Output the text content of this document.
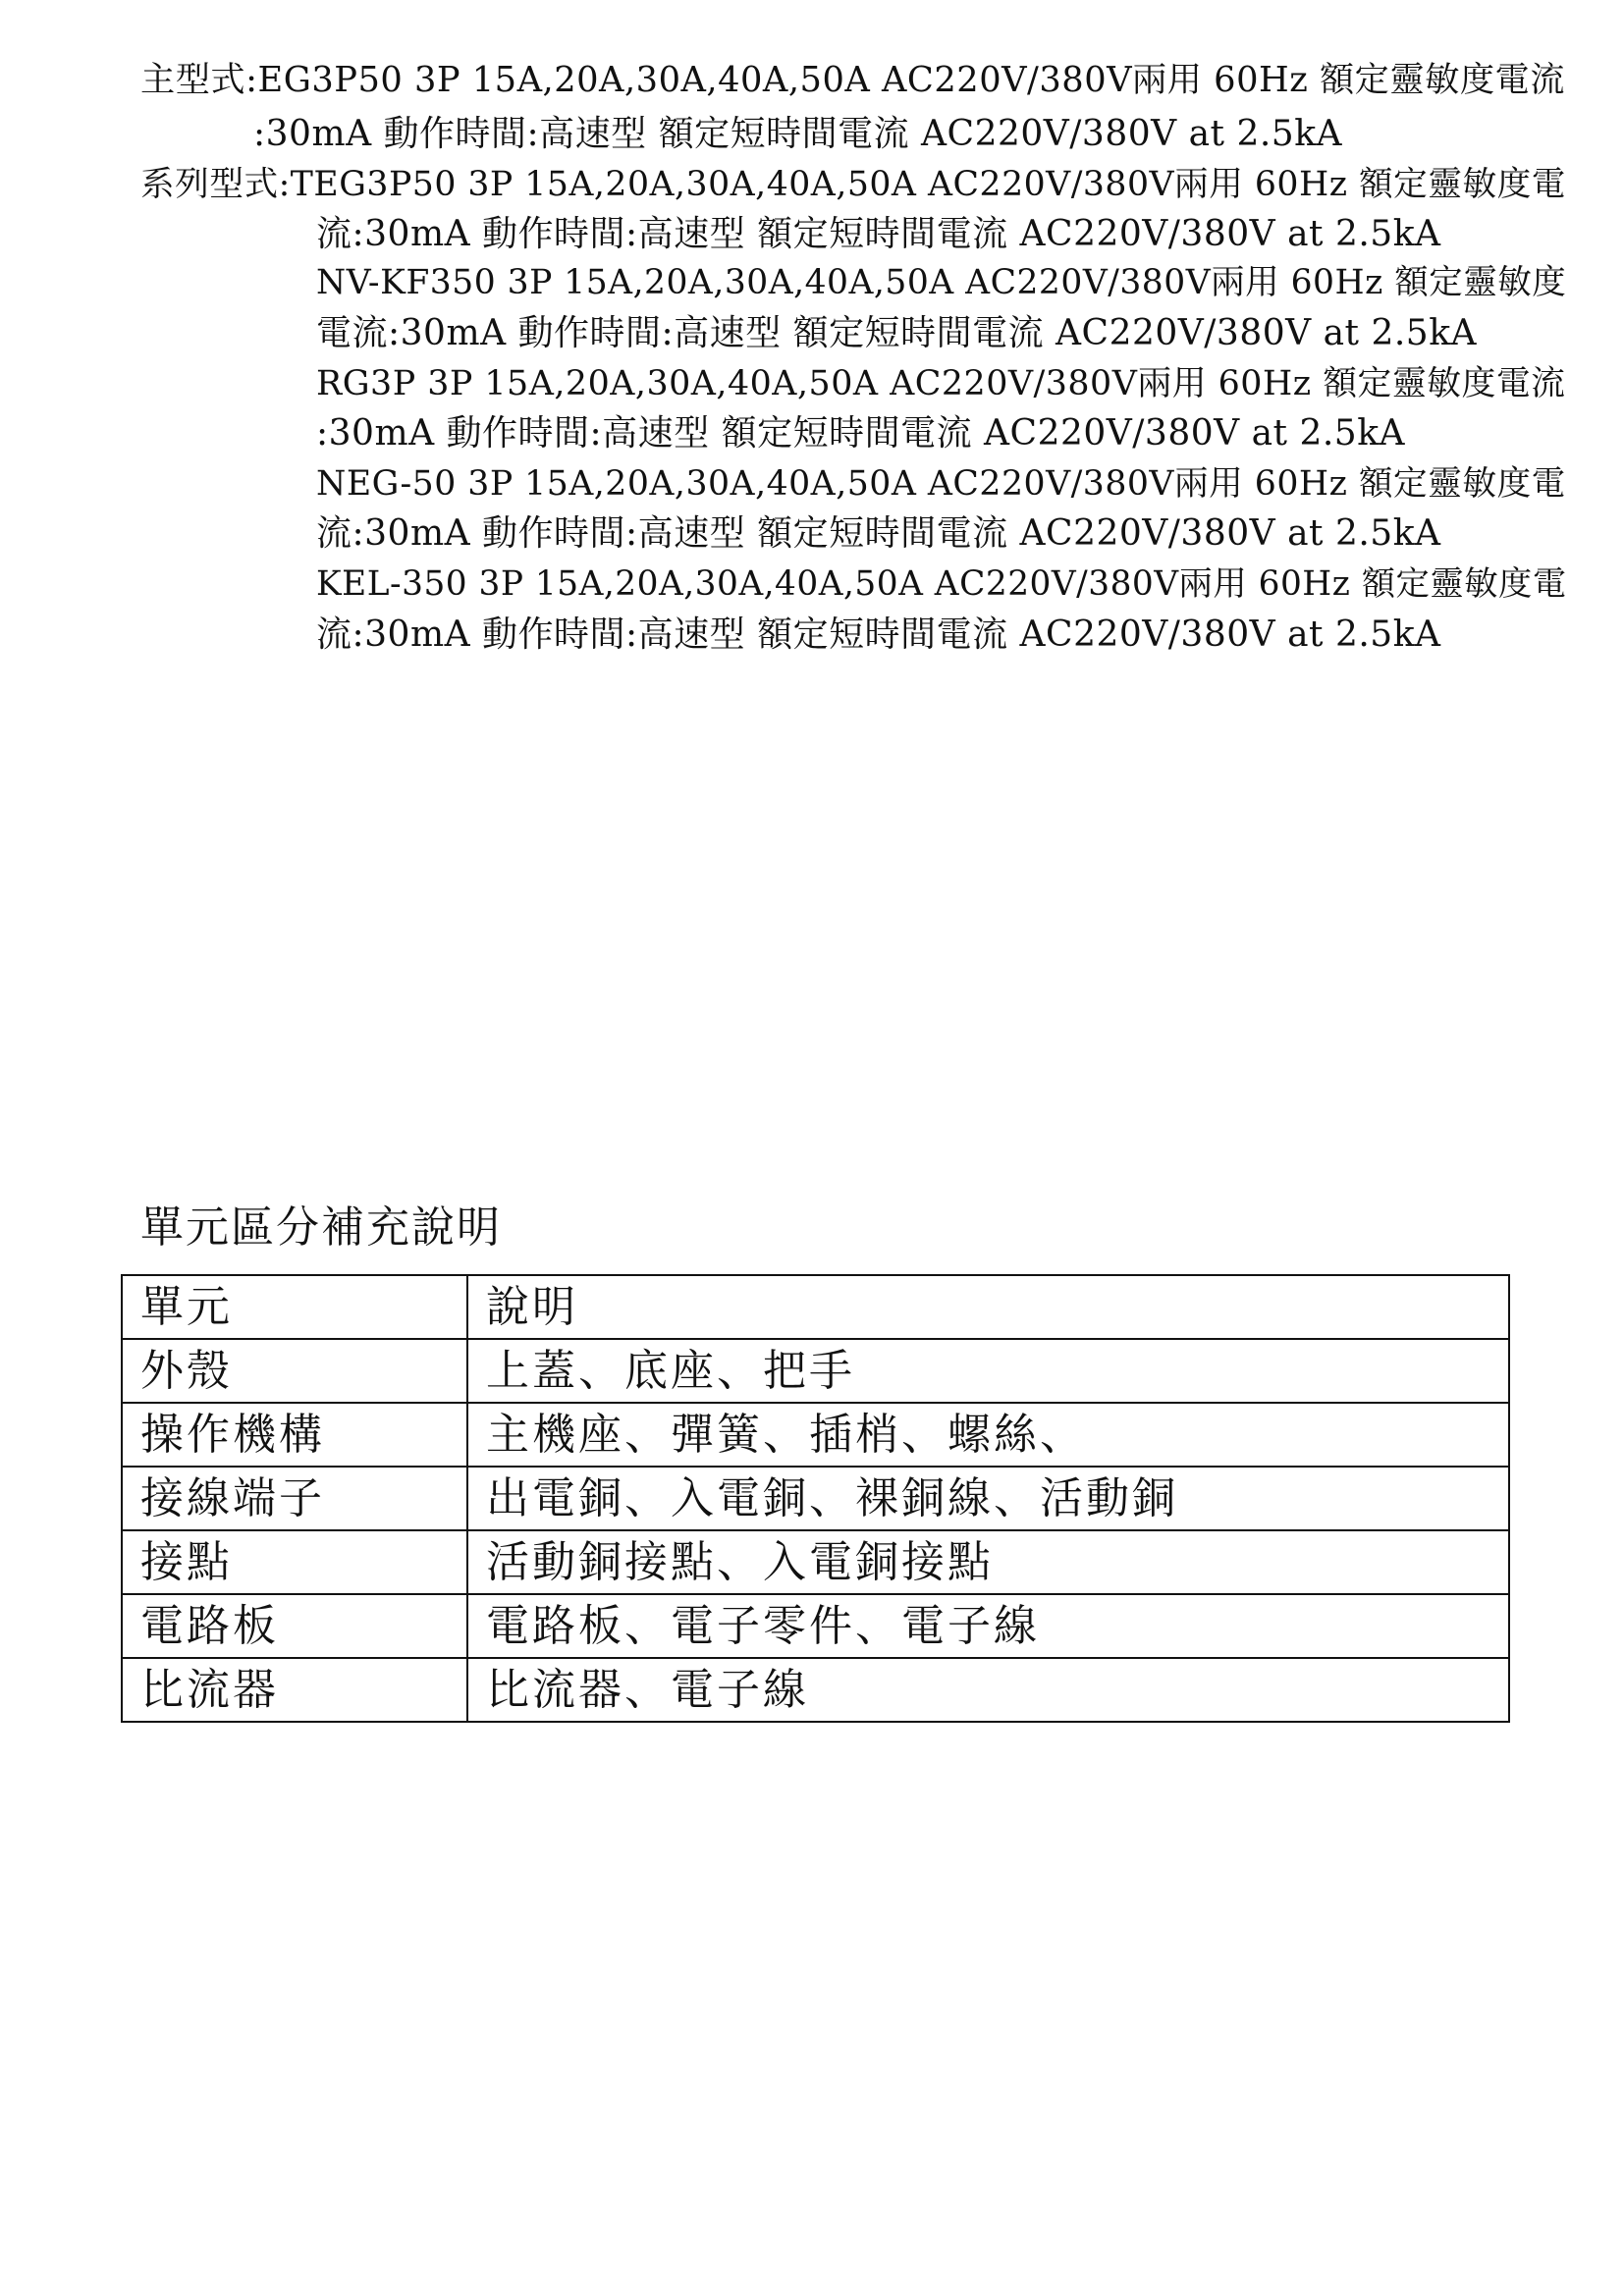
主型式:EG3P50 3P 15A,20A,30A,40A,50A AC220V/380V兩用 60Hz 額定靈敏度電流
:30mA 動作時間:高速型 額定短時間電流 AC220V/380V at 2.5kA
系列型式:TEG3P50 3P 15A,20A,30A,40A,50A AC220V/380V兩用 60Hz 額定靈敏度電
流:30mA 動作時間:高速型 額定短時間電流 AC220V/380V at 2.5kA
NV-KF350 3P 15A,20A,30A,40A,50A AC220V/380V兩用 60Hz 額定靈敏度
電流:30mA 動作時間:高速型 額定短時間電流 AC220V/380V at 2.5kA
RG3P 3P 15A,20A,30A,40A,50A AC220V/380V兩用 60Hz 額定靈敏度電流
:30mA 動作時間:高速型 額定短時間電流 AC220V/380V at 2.5kA
NEG-50 3P 15A,20A,30A,40A,50A AC220V/380V兩用 60Hz 額定靈敏度電
流:30mA 動作時間:高速型 額定短時間電流 AC220V/380V at 2.5kA
KEL-350 3P 15A,20A,30A,40A,50A AC220V/380V兩用 60Hz 額定靈敏度電
流:30mA 動作時間:高速型 額定短時間電流 AC220V/380V at 2.5kA
單元區分補充說明
單元	說明
外殼	上蓋、底座、把手
操作機構	主機座、彈簧、插梢、螺絲、
接線端子	出電銅、入電銅、裸銅線、活動銅
接點	活動銅接點、入電銅接點
電路板	電路板、電子零件、電子線
比流器	比流器、電子線
